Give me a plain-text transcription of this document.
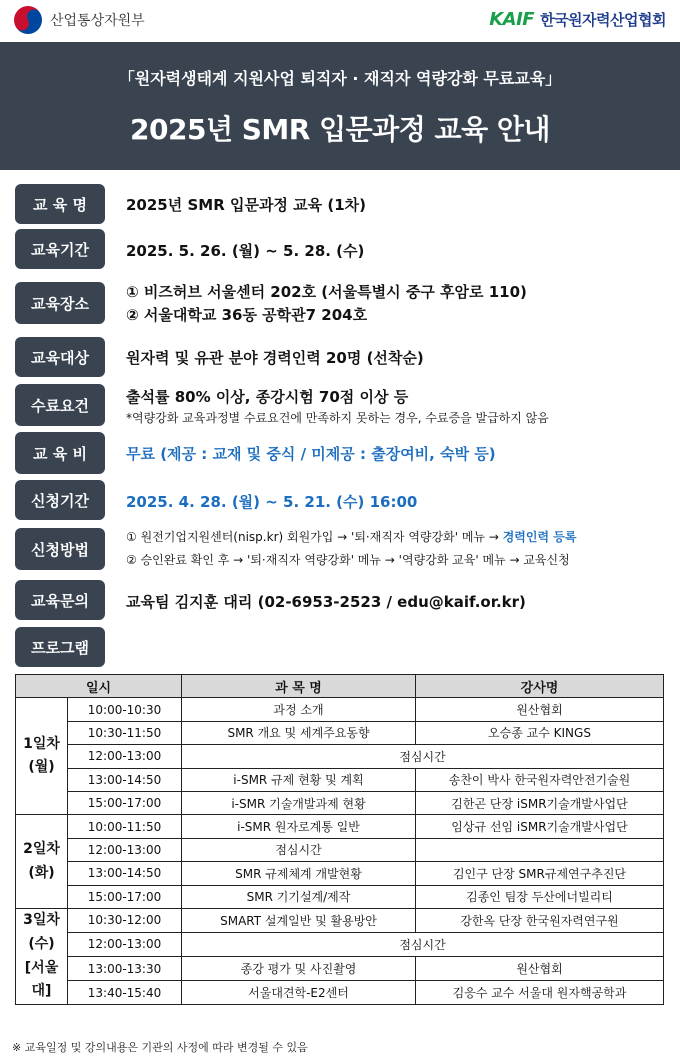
산업통상자원부	KAIF 한국원자력산업협회
「원자력생태계 지원사업 퇴직자 · 재직자 역량강화 무료교육」
2025년 SMR 입문과정 교육 안내
교 육 명	2025년 SMR 입문과정 교육 (1차)
교육기간	2025. 5. 26. (월) ~ 5. 28. (수)
교육장소
① 비즈허브 서울센터 202호 (서울특별시 중구 후암로 110)
② 서울대학교 36동 공학관7 204호
교육대상	원자력 및 유관 분야 경력인력 20명 (선착순)
수료요건	출석률 80% 이상, 종강시험 70점 이상 등
*역량강화 교육과정별 수료요건에 만족하지 못하는 경우, 수료증을 발급하지 않음
교 육 비	무료 (제공 : 교재 및 중식 / 미제공 : 출장여비, 숙박 등)
신청기간	2025. 4. 28. (월) ~ 5. 21. (수) 16:00
신청방법
① 원전기업지원센터(nisp.kr) 회원가입 → '퇴·재직자 역량강화' 메뉴 → 경력인력 등록
② 승인완료 확인 후 → '퇴·재직자 역량강화' 메뉴 → '역량강화 교육' 메뉴 → 교육신청
교육문의	교육팀 김지훈 대리 (02-6953-2523 / edu@kaif.or.kr)
프로그램
일시		과 목 명	강사명
1일차
(월)	10:00-10:30	과정 소개	원산협회
	10:30-11:50	SMR 개요 및 세계주요동향	오승종 교수 KINGS
	12:00-13:00	점심시간	
	13:00-14:50	i-SMR 규제 현황 및 계획	송찬이 박사 한국원자력안전기술원
	15:00-17:00	i-SMR 기술개발과제 현황	김한곤 단장 iSMR기술개발사업단
2일차
(화)	10:00-11:50	i-SMR 원자로계통 일반	임상규 선임 iSMR기술개발사업단
	12:00-13:00	점심시간	
	13:00-14:50	SMR 규제체계 개발현황	김인구 단장 SMR규제연구추진단
	15:00-17:00	SMR 기기설계/제작	김종인 팀장 두산에너빌리티
3일차
(수)
[서울대]	10:30-12:00	SMART 설계일반 및 활용방안	강한옥 단장 한국원자력연구원
	12:00-13:00	점심시간	
	13:00-13:30	종강 평가 및 사진촬영	원산협회
	13:40-15:40	서울대견학-E2센터	김응수 교수 서울대 원자핵공학과
※ 교육일정 및 강의내용은 기관의 사정에 따라 변경될 수 있음
